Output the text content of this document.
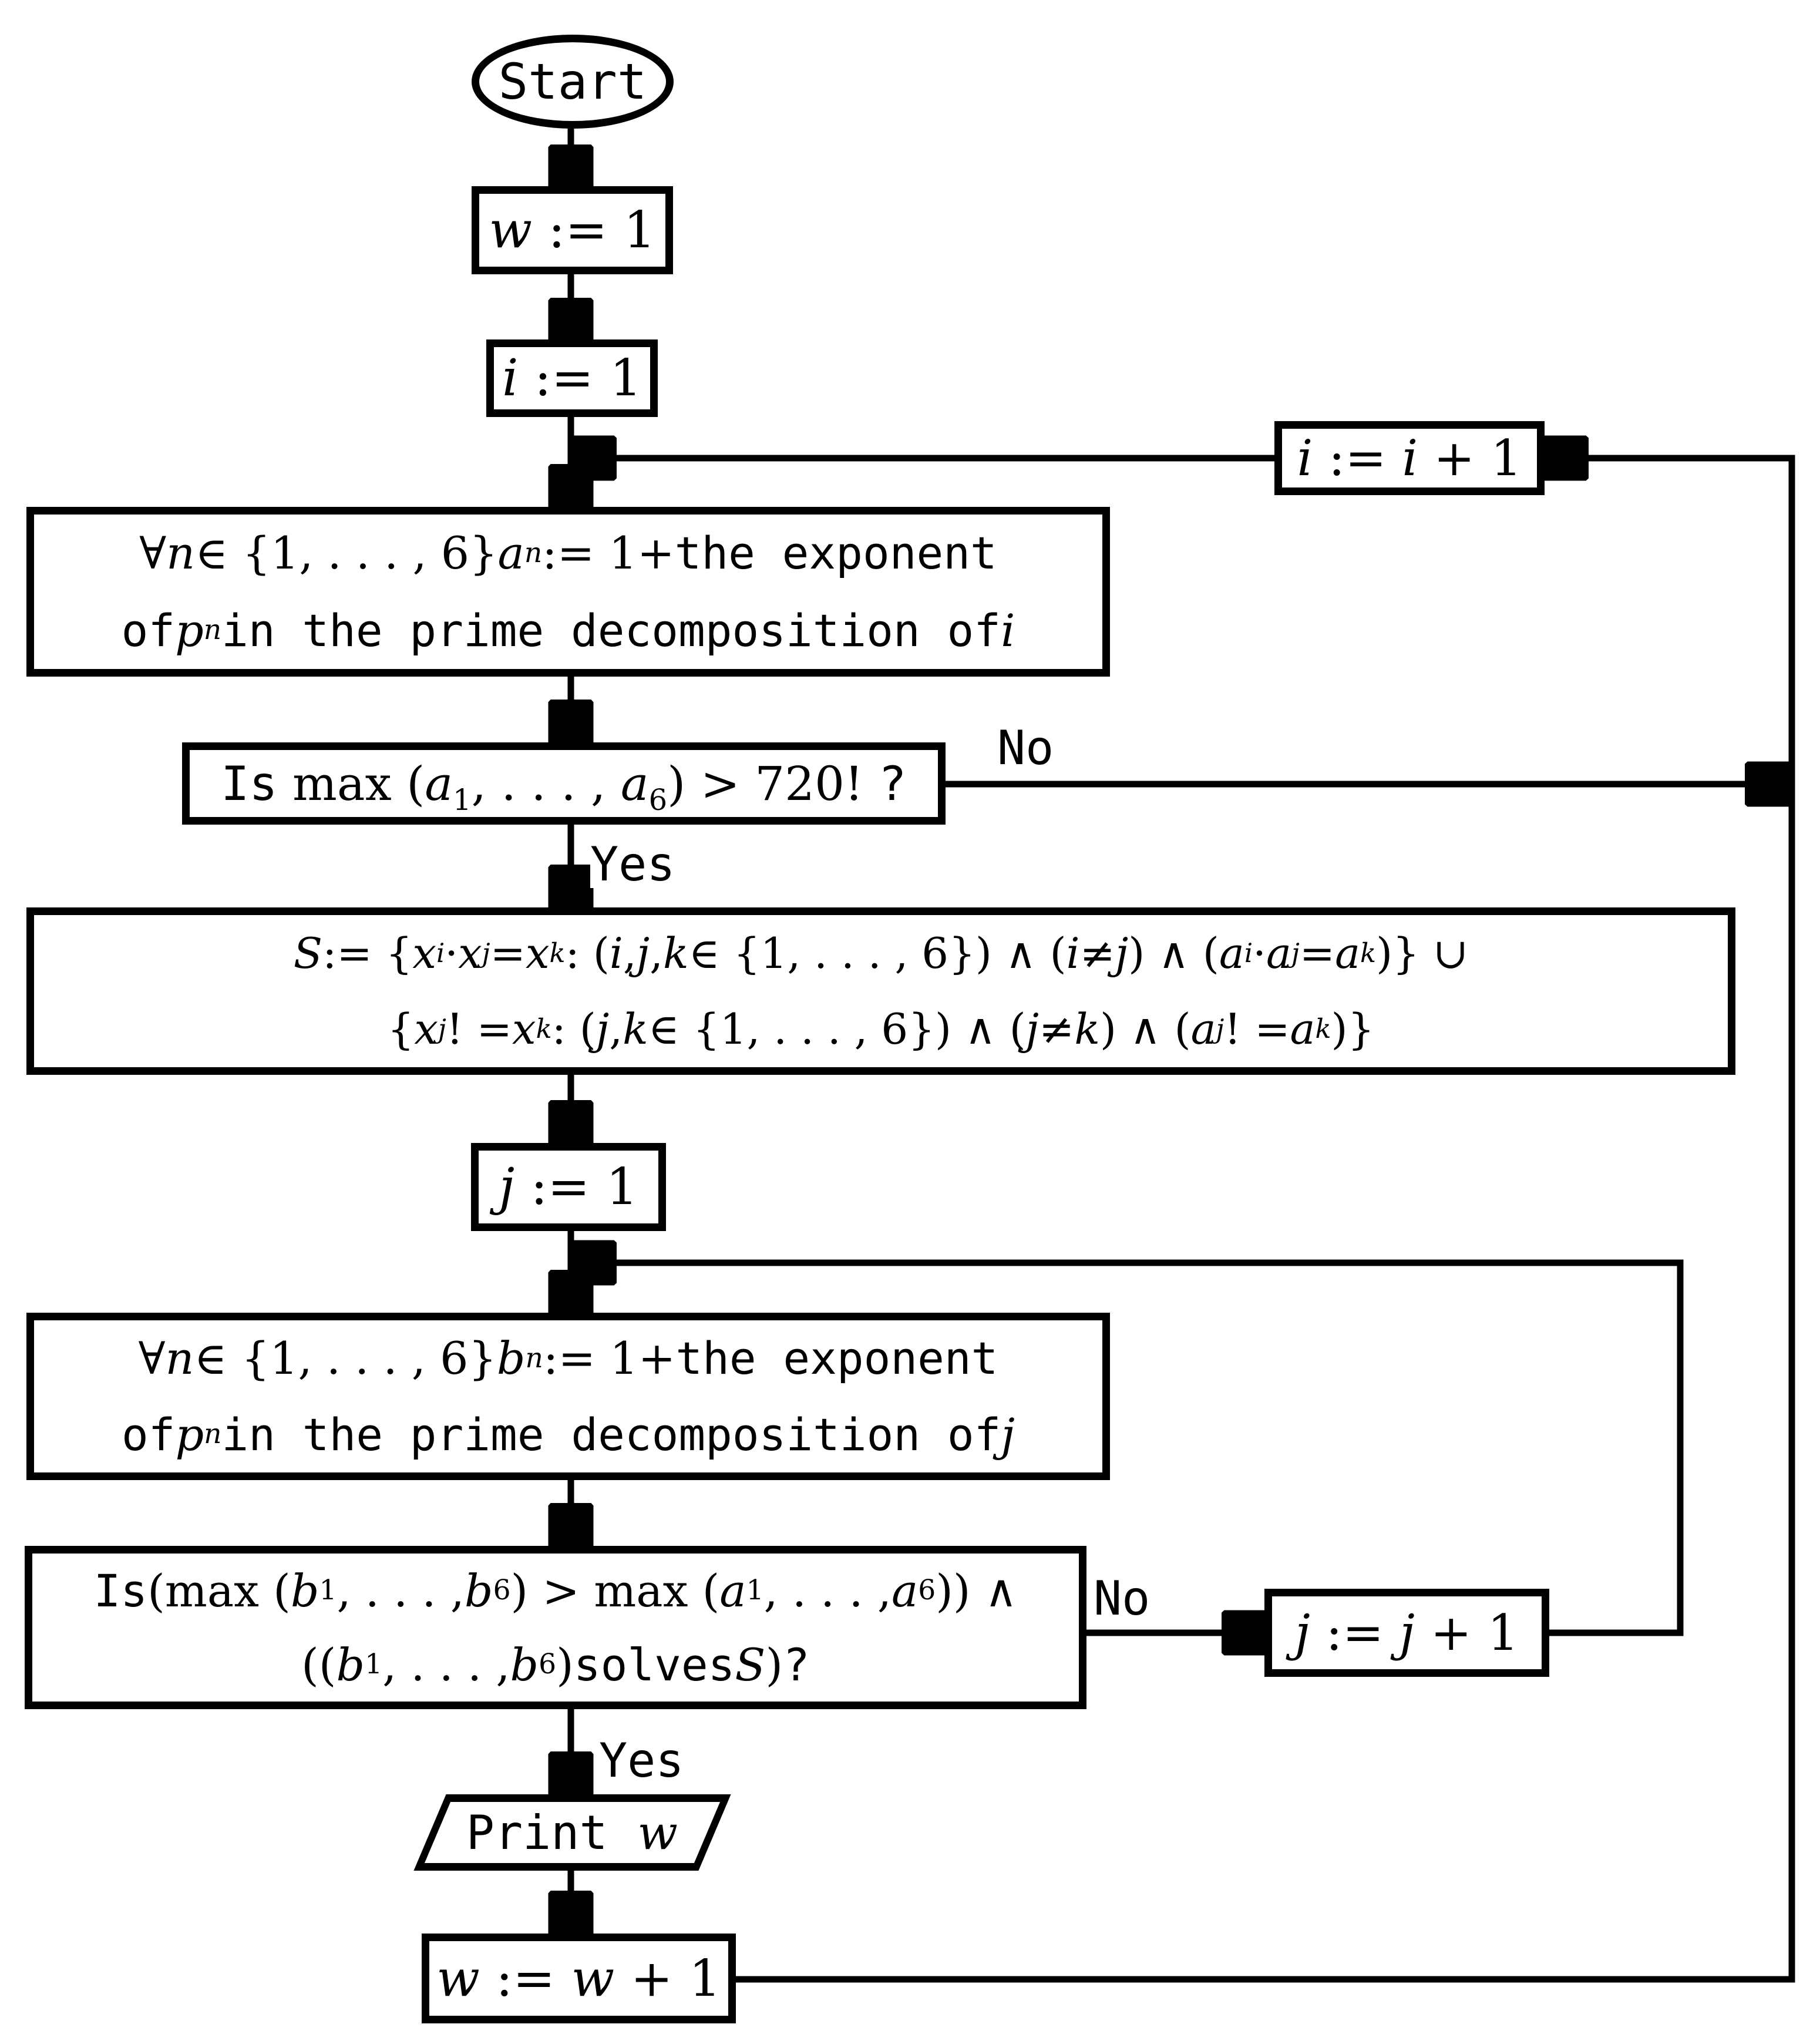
Start
w := 1
i := 1
i := i + 1
∀ n ∈ {1, . . . , 6} a n := 1+ the exponent
of p n in the prime decomposition of i
Is $\max (a_1$, . . . , $a_6) > 720$! ?
S := { x i · x j = x k : ( i , j , k ∈ {1, . . . , 6}) ∧ ( i ≠ j ) ∧ ( a i · a j = a k )} ∪
{ x j ! = x k : ( j , k ∈ {1, . . . , 6}) ∧ ( j ≠ k ) ∧ ( a j ! = a k )}
j := 1
∀ n ∈ {1, . . . , 6} b n := 1+ the exponent
of p n in the prime decomposition of j
Is (max ( b 1 , . . . , b 6 ) > max ( a 1 , . . . , a 6 )) ∧
(( b 1 , . . . , b 6 ) solves S ) ?
j := j + 1
Print
w
w := w + 1
Yes
No
Yes
No
